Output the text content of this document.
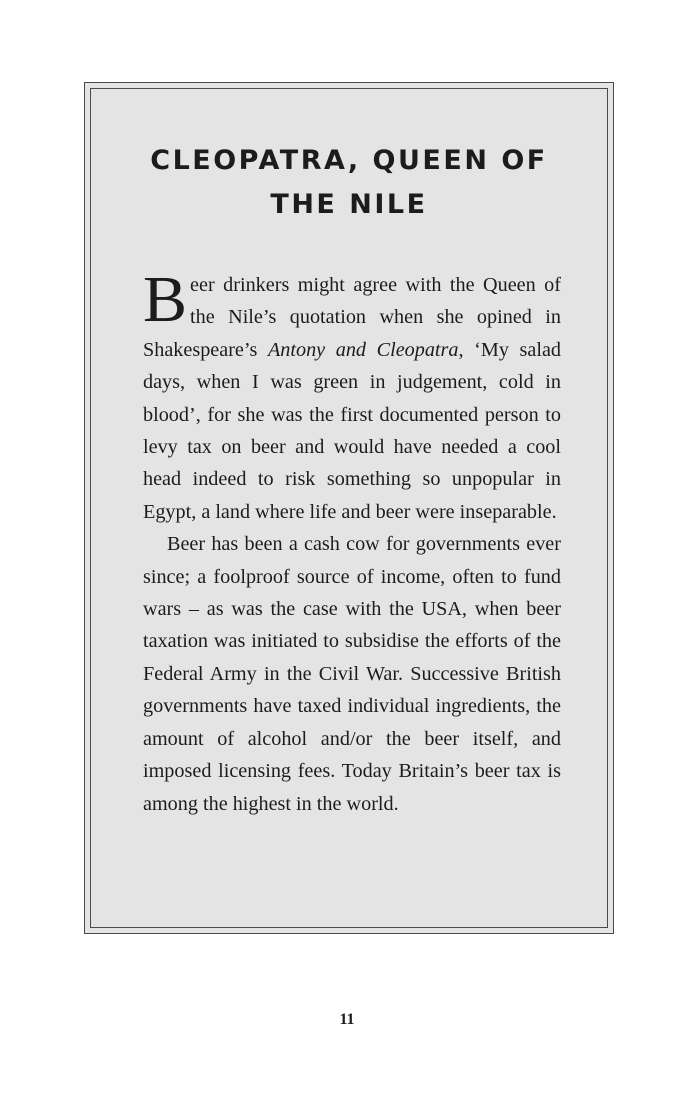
CLEOPATRA, QUEEN OF
THE NILE

Beer drinkers might agree with the Queen of the Nile’s quotation when she opined in Shakespeare’s Antony and Cleopatra, ‘My salad days, when I was green in judgement, cold in blood’, for she was the first documented person to levy tax on beer and would have needed a cool head indeed to risk something so unpopular in Egypt, a land where life and beer were inseparable.

Beer has been a cash cow for governments ever since; a foolproof source of income, often to fund wars – as was the case with the USA, when beer taxation was initiated to subsidise the efforts of the Federal Army in the Civil War. Successive British governments have taxed individual ingredients, the amount of alcohol and/or the beer itself, and imposed licensing fees. Today Britain’s beer tax is among the highest in the world.

11
